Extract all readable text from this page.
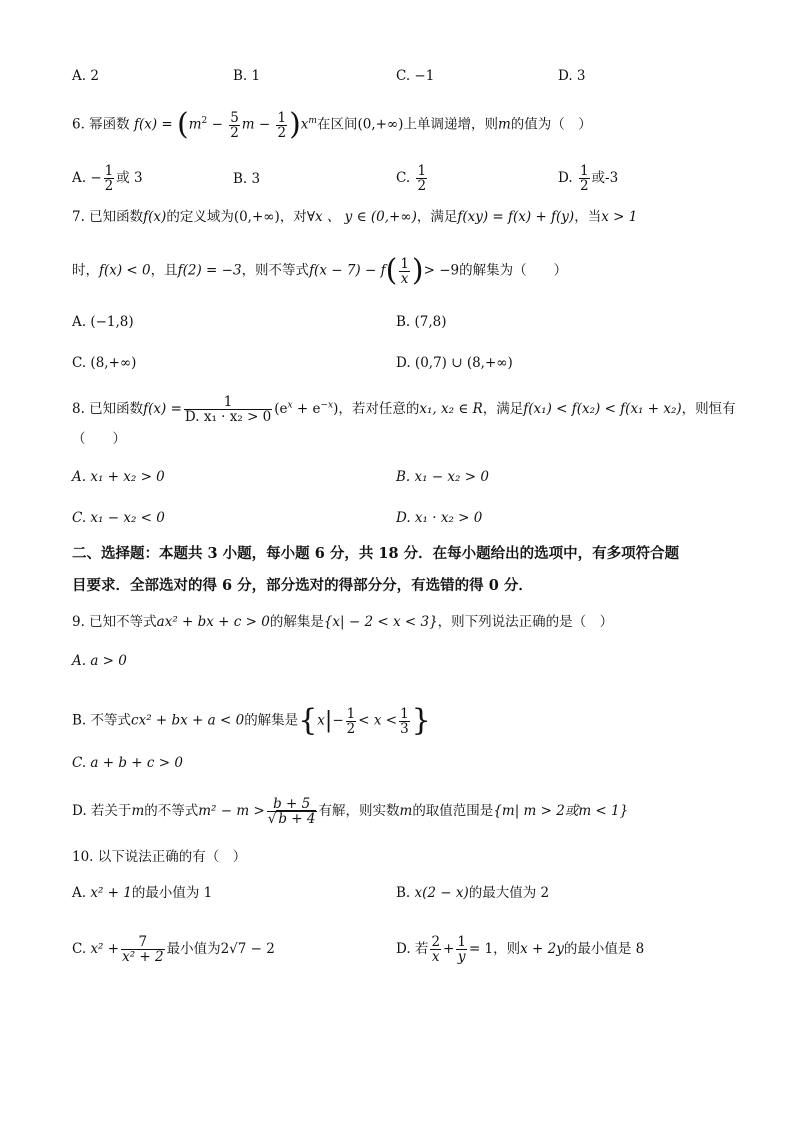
A. 2	B. 1	C. −1	D. 3
6. 幂函数 $f(x) = (m^2 - \frac{5}{2}$ $m - \frac{1}{2} )x^m$在区间(0,+∞)上单调递增，则m的值为（　）
A. − $\frac{1}{2}$ 或 3	B. 3	C. $\frac{1}{2}$	D. $\frac{1}{2}$ 或-3
7. 已知函数f(x)的定义域为(0,+∞)，对∀x 、 y ∈ (0,+∞)，满足f(xy) = f(x) + f(y)，当x > 1
时，f(x) < 0，且f(2) = −3，则不等式$f(x - 7) - f( \frac{1}{x}$ )> −9的解集为（　　）
A. (−1,8)	B. (7,8)
C. (8,+∞)	D. (0,7) ∪ (8,+∞)
8. 已知函数$f(x) = \frac{1}{\text{D. x₁ · x₂ > 0}} (e^x + e^{-x})$，若对任意的x₁, x₂ ∈ R，满足f(x₁) < f(x₂) < f(x₁ + x₂)，则恒有
（　　）
A. x₁ + x₂ > 0	B. x₁ − x₂ > 0
C. x₁ − x₂ < 0	D. x₁ · x₂ > 0
二、选择题：本题共 3 小题，每小题 6 分，共 18 分．在每小题给出的选项中，有多项符合题
目要求．全部选对的得 6 分，部分选对的得部分分，有选错的得 0 分．
9. 已知不等式ax² + bx + c > 0的解集是{x| − 2 < x < 3}，则下列说法正确的是（　）
A. a > 0
B. 不等式cx² + bx + a < 0的解集是{$x|- \frac{1}{2} < x < \frac{1}{3}$ }
C. a + b + c > 0
D. 若关于m的不等式$m^2 - m > \frac{b + 5}{√ b + 4}$ 有解，则实数m的取值范围是{m| m > 2或m < 1}
10. 以下说法正确的有（　）
A. x² + 1的最小值为 1	B. x(2 − x)的最大值为 2
C. $x^2 + \frac{7}{\text{x² + 2}}$ 最小值为2√7 − 2	D. 若 $\frac{2}{x} + \frac{1}{y} = 1$，则x + 2y的最小值是 8
